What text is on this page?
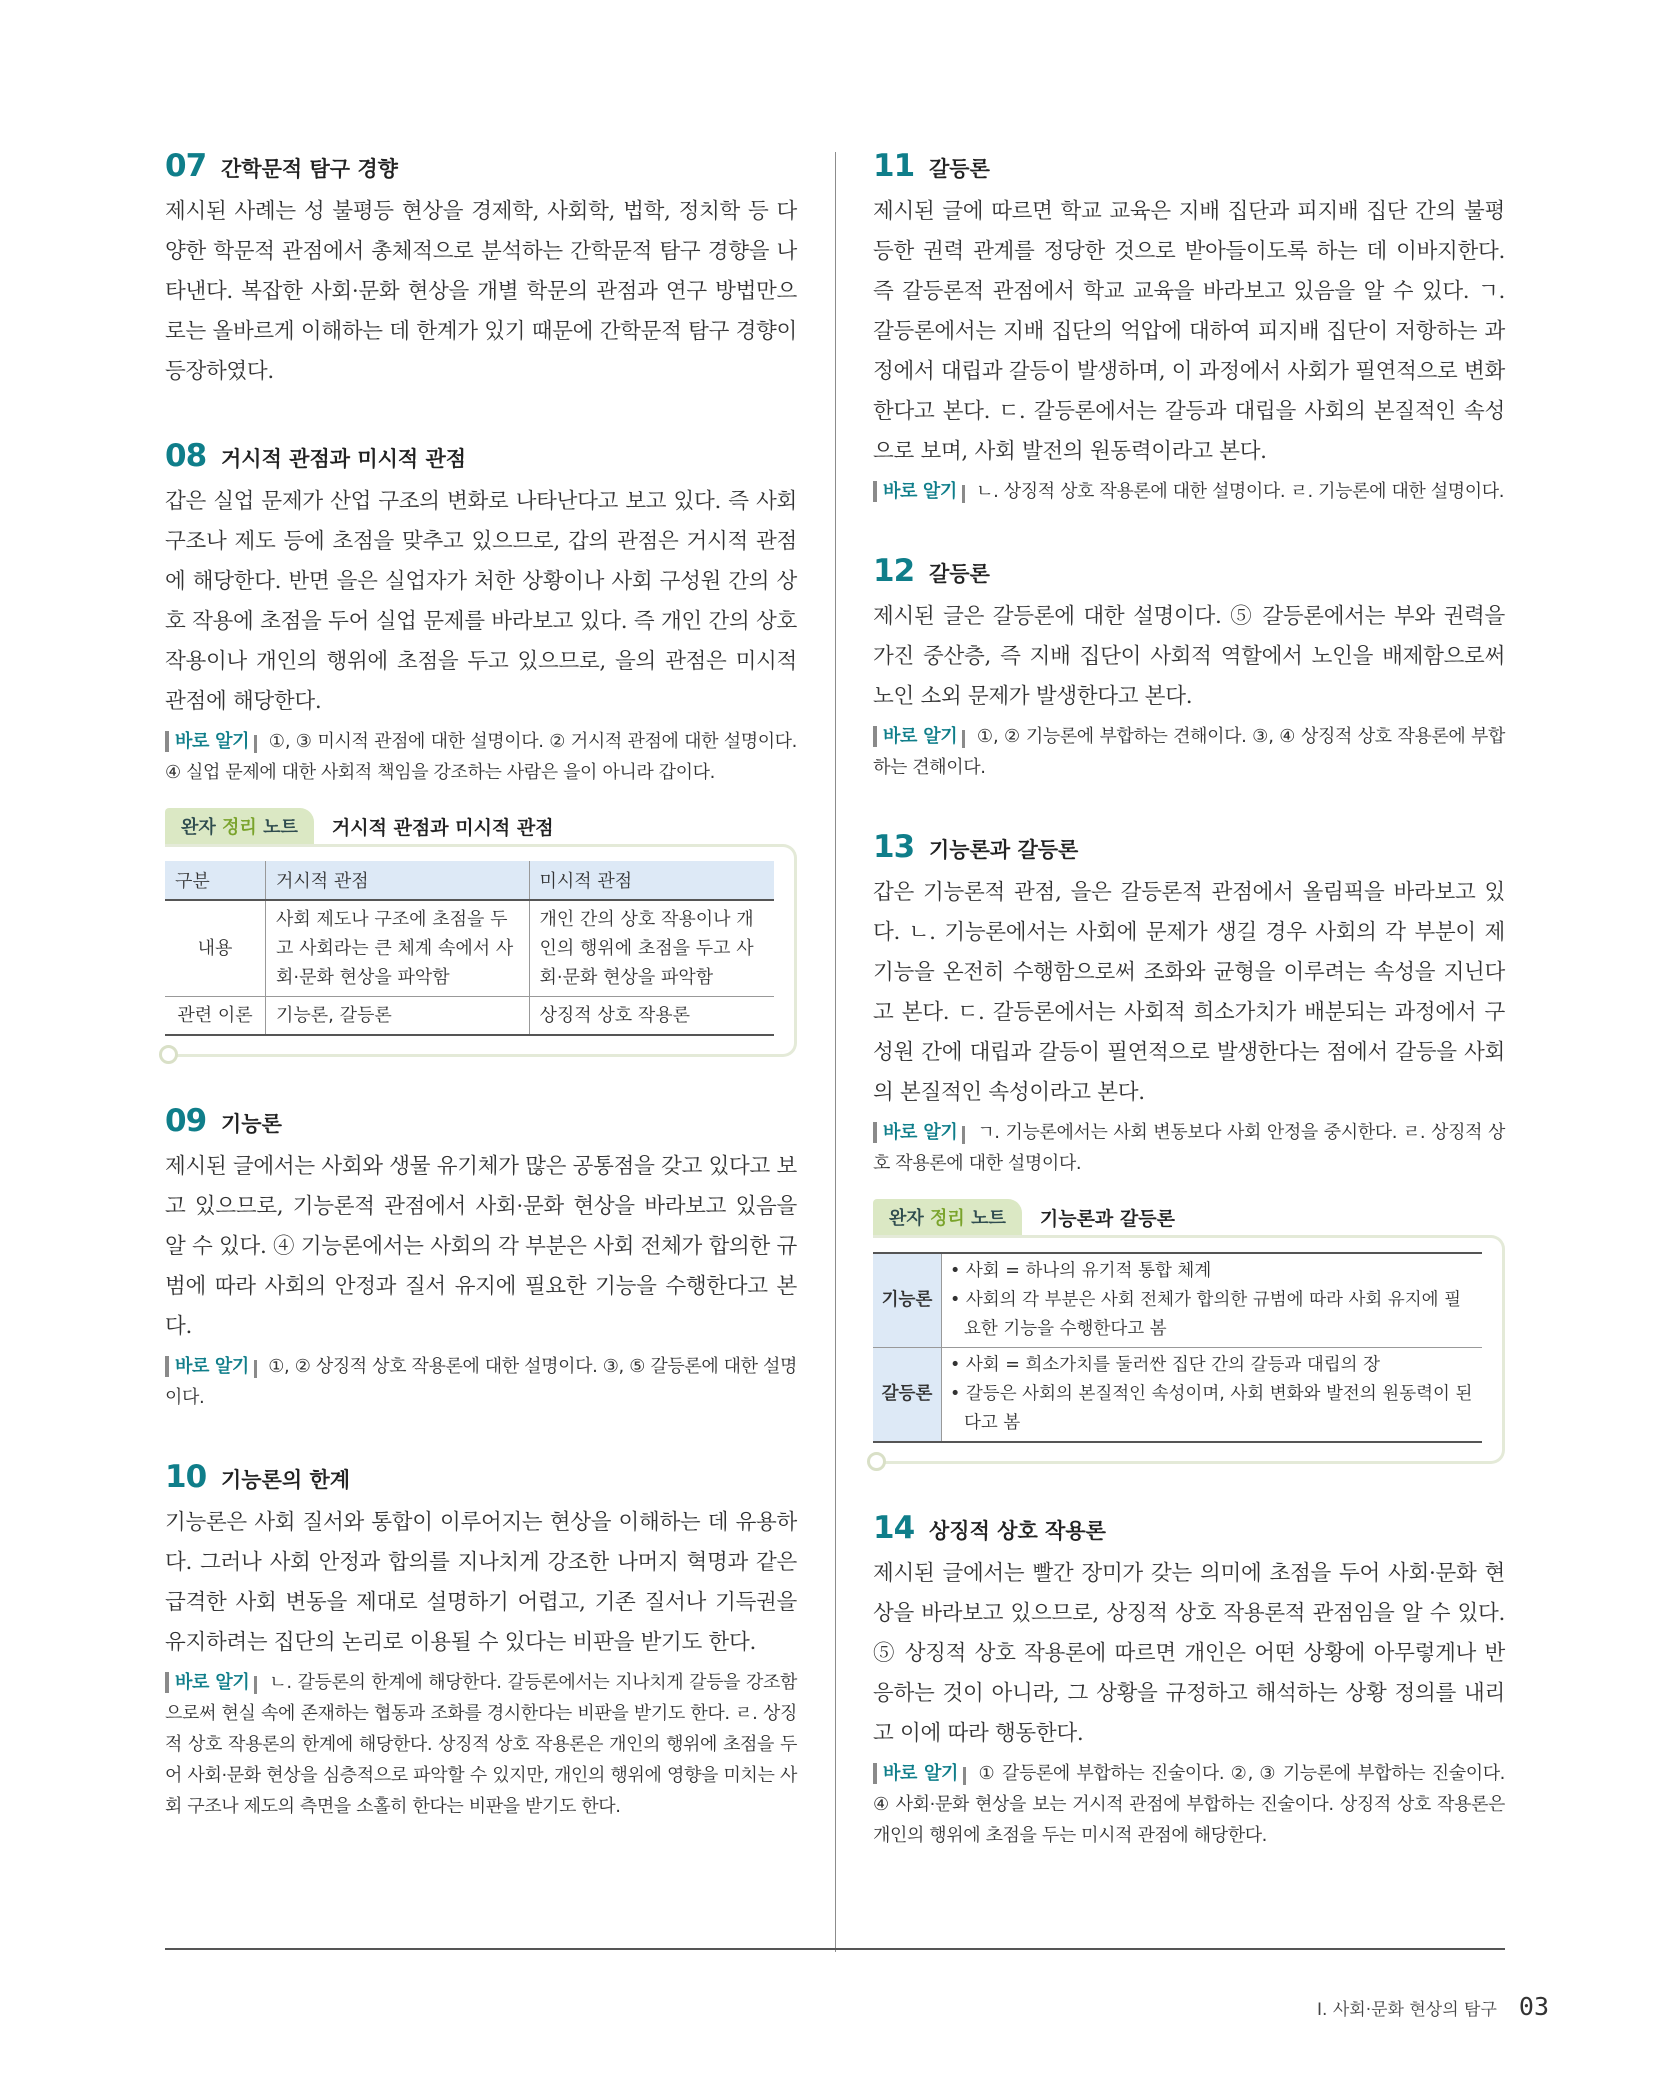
07 간학문적 탐구 경향

제시된 사례는 성 불평등 현상을 경제학, 사회학, 법학, 정치학 등 다양한 학문적 관점에서 총체적으로 분석하는 간학문적 탐구 경향을 나타낸다. 복잡한 사회·문화 현상을 개별 학문의 관점과 연구 방법만으로는 올바르게 이해하는 데 한계가 있기 때문에 간학문적 탐구 경향이 등장하였다.

08 거시적 관점과 미시적 관점

갑은 실업 문제가 산업 구조의 변화로 나타난다고 보고 있다. 즉 사회 구조나 제도 등에 초점을 맞추고 있으므로, 갑의 관점은 거시적 관점에 해당한다. 반면 을은 실업자가 처한 상황이나 사회 구성원 간의 상호 작용에 초점을 두어 실업 문제를 바라보고 있다. 즉 개인 간의 상호 작용이나 개인의 행위에 초점을 두고 있으므로, 을의 관점은 미시적 관점에 해당한다.

바로 알기 ①, ③ 미시적 관점에 대한 설명이다. ② 거시적 관점에 대한 설명이다. ④ 실업 문제에 대한 사회적 책임을 강조하는 사람은 을이 아니라 갑이다.

완자 정리 노트	거시적 관점과 미시적 관점
구분	거시적 관점	미시적 관점
내용	사회 제도나 구조에 초점을 두고 사회라는 큰 체계 속에서 사회·문화 현상을 파악함	개인 간의 상호 작용이나 개인의 행위에 초점을 두고 사회·문화 현상을 파악함
관련 이론	기능론, 갈등론	상징적 상호 작용론
09 기능론

제시된 글에서는 사회와 생물 유기체가 많은 공통점을 갖고 있다고 보고 있으므로, 기능론적 관점에서 사회·문화 현상을 바라보고 있음을 알 수 있다. ④ 기능론에서는 사회의 각 부분은 사회 전체가 합의한 규범에 따라 사회의 안정과 질서 유지에 필요한 기능을 수행한다고 본다.

바로 알기 ①, ② 상징적 상호 작용론에 대한 설명이다. ③, ⑤ 갈등론에 대한 설명이다.

10 기능론의 한계

기능론은 사회 질서와 통합이 이루어지는 현상을 이해하는 데 유용하다. 그러나 사회 안정과 합의를 지나치게 강조한 나머지 혁명과 같은 급격한 사회 변동을 제대로 설명하기 어렵고, 기존 질서나 기득권을 유지하려는 집단의 논리로 이용될 수 있다는 비판을 받기도 한다.

바로 알기 ㄴ. 갈등론의 한계에 해당한다. 갈등론에서는 지나치게 갈등을 강조함으로써 현실 속에 존재하는 협동과 조화를 경시한다는 비판을 받기도 한다. ㄹ. 상징적 상호 작용론의 한계에 해당한다. 상징적 상호 작용론은 개인의 행위에 초점을 두어 사회·문화 현상을 심층적으로 파악할 수 있지만, 개인의 행위에 영향을 미치는 사회 구조나 제도의 측면을 소홀히 한다는 비판을 받기도 한다.

11 갈등론

제시된 글에 따르면 학교 교육은 지배 집단과 피지배 집단 간의 불평등한 권력 관계를 정당한 것으로 받아들이도록 하는 데 이바지한다. 즉 갈등론적 관점에서 학교 교육을 바라보고 있음을 알 수 있다. ㄱ. 갈등론에서는 지배 집단의 억압에 대하여 피지배 집단이 저항하는 과정에서 대립과 갈등이 발생하며, 이 과정에서 사회가 필연적으로 변화한다고 본다. ㄷ. 갈등론에서는 갈등과 대립을 사회의 본질적인 속성으로 보며, 사회 발전의 원동력이라고 본다.

바로 알기 ㄴ. 상징적 상호 작용론에 대한 설명이다. ㄹ. 기능론에 대한 설명이다.

12 갈등론

제시된 글은 갈등론에 대한 설명이다. ⑤ 갈등론에서는 부와 권력을 가진 중산층, 즉 지배 집단이 사회적 역할에서 노인을 배제함으로써 노인 소외 문제가 발생한다고 본다.

바로 알기 ①, ② 기능론에 부합하는 견해이다. ③, ④ 상징적 상호 작용론에 부합하는 견해이다.

13 기능론과 갈등론

갑은 기능론적 관점, 을은 갈등론적 관점에서 올림픽을 바라보고 있다. ㄴ. 기능론에서는 사회에 문제가 생길 경우 사회의 각 부분이 제 기능을 온전히 수행함으로써 조화와 균형을 이루려는 속성을 지닌다고 본다. ㄷ. 갈등론에서는 사회적 희소가치가 배분되는 과정에서 구성원 간에 대립과 갈등이 필연적으로 발생한다는 점에서 갈등을 사회의 본질적인 속성이라고 본다.

바로 알기 ㄱ. 기능론에서는 사회 변동보다 사회 안정을 중시한다. ㄹ. 상징적 상호 작용론에 대한 설명이다.

완자 정리 노트	기능론과 갈등론
기능론	• 사회 = 하나의 유기적 통합 체계
• 사회의 각 부분은 사회 전체가 합의한 규범에 따라 사회 유지에 필요한 기능을 수행한다고 봄

갈등론	• 사회 = 희소가치를 둘러싼 집단 간의 갈등과 대립의 장
• 갈등은 사회의 본질적인 속성이며, 사회 변화와 발전의 원동력이 된다고 봄
14 상징적 상호 작용론

제시된 글에서는 빨간 장미가 갖는 의미에 초점을 두어 사회·문화 현상을 바라보고 있으므로, 상징적 상호 작용론적 관점임을 알 수 있다. ⑤ 상징적 상호 작용론에 따르면 개인은 어떤 상황에 아무렇게나 반응하는 것이 아니라, 그 상황을 규정하고 해석하는 상황 정의를 내리고 이에 따라 행동한다.

바로 알기 ① 갈등론에 부합하는 진술이다. ②, ③ 기능론에 부합하는 진술이다. ④ 사회·문화 현상을 보는 거시적 관점에 부합하는 진술이다. 상징적 상호 작용론은 개인의 행위에 초점을 두는 미시적 관점에 해당한다.

Ⅰ. 사회·문화 현상의 탐구 03
